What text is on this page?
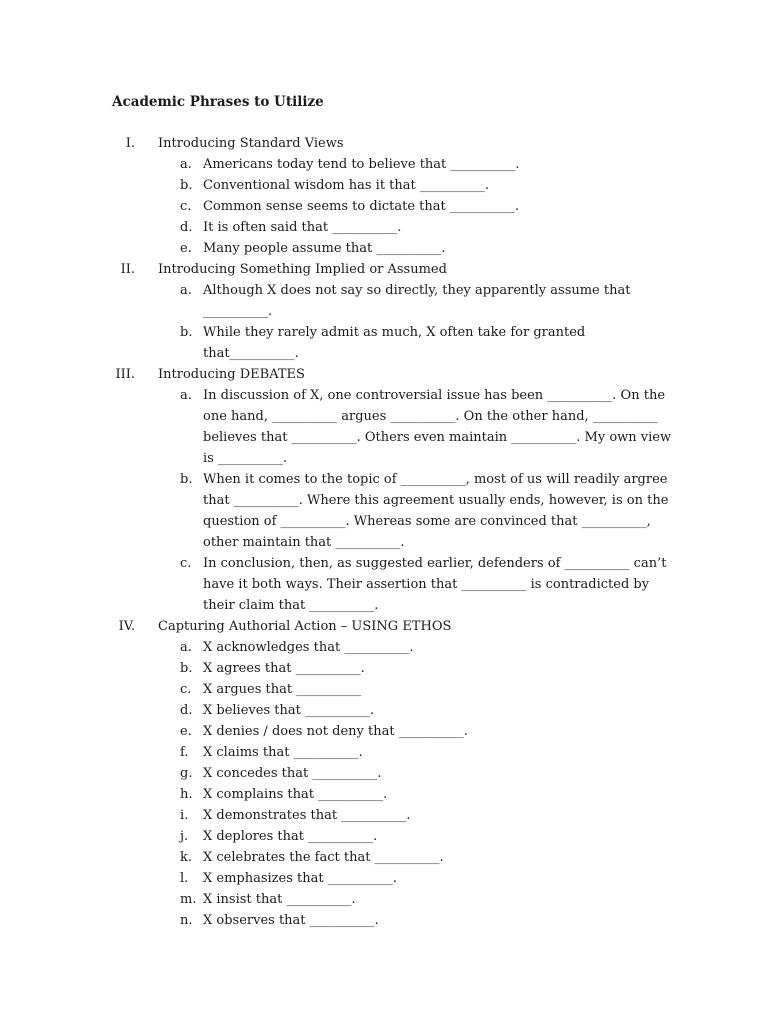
Academic Phrases to Utilize
I. Introducing Standard Views
a. Americans today tend to believe that __________.
b. Conventional wisdom has it that __________.
c. Common sense seems to dictate that __________.
d. It is often said that __________.
e. Many people assume that __________.
II. Introducing Something Implied or Assumed
a. Although X does not say so directly, they apparently assume that
__________.
b. While they rarely admit as much, X often take for granted
that__________.
III. Introducing DEBATES
a. In discussion of X, one controversial issue has been __________. On the
one hand, __________ argues __________. On the other hand, __________
believes that __________. Others even maintain __________. My own view
is __________.
b. When it comes to the topic of __________, most of us will readily argree
that __________. Where this agreement usually ends, however, is on the
question of __________. Whereas some are convinced that __________,
other maintain that __________.
c. In conclusion, then, as suggested earlier, defenders of __________ can’t
have it both ways. Their assertion that __________ is contradicted by
their claim that __________.
IV. Capturing Authorial Action – USING ETHOS
a. X acknowledges that __________.
b. X agrees that __________.
c. X argues that __________
d. X believes that __________.
e. X denies / does not deny that __________.
f. X claims that __________.
g. X concedes that __________.
h. X complains that __________.
i. X demonstrates that __________.
j. X deplores that __________.
k. X celebrates the fact that __________.
l. X emphasizes that __________.
m. X insist that __________.
n. X observes that __________.
